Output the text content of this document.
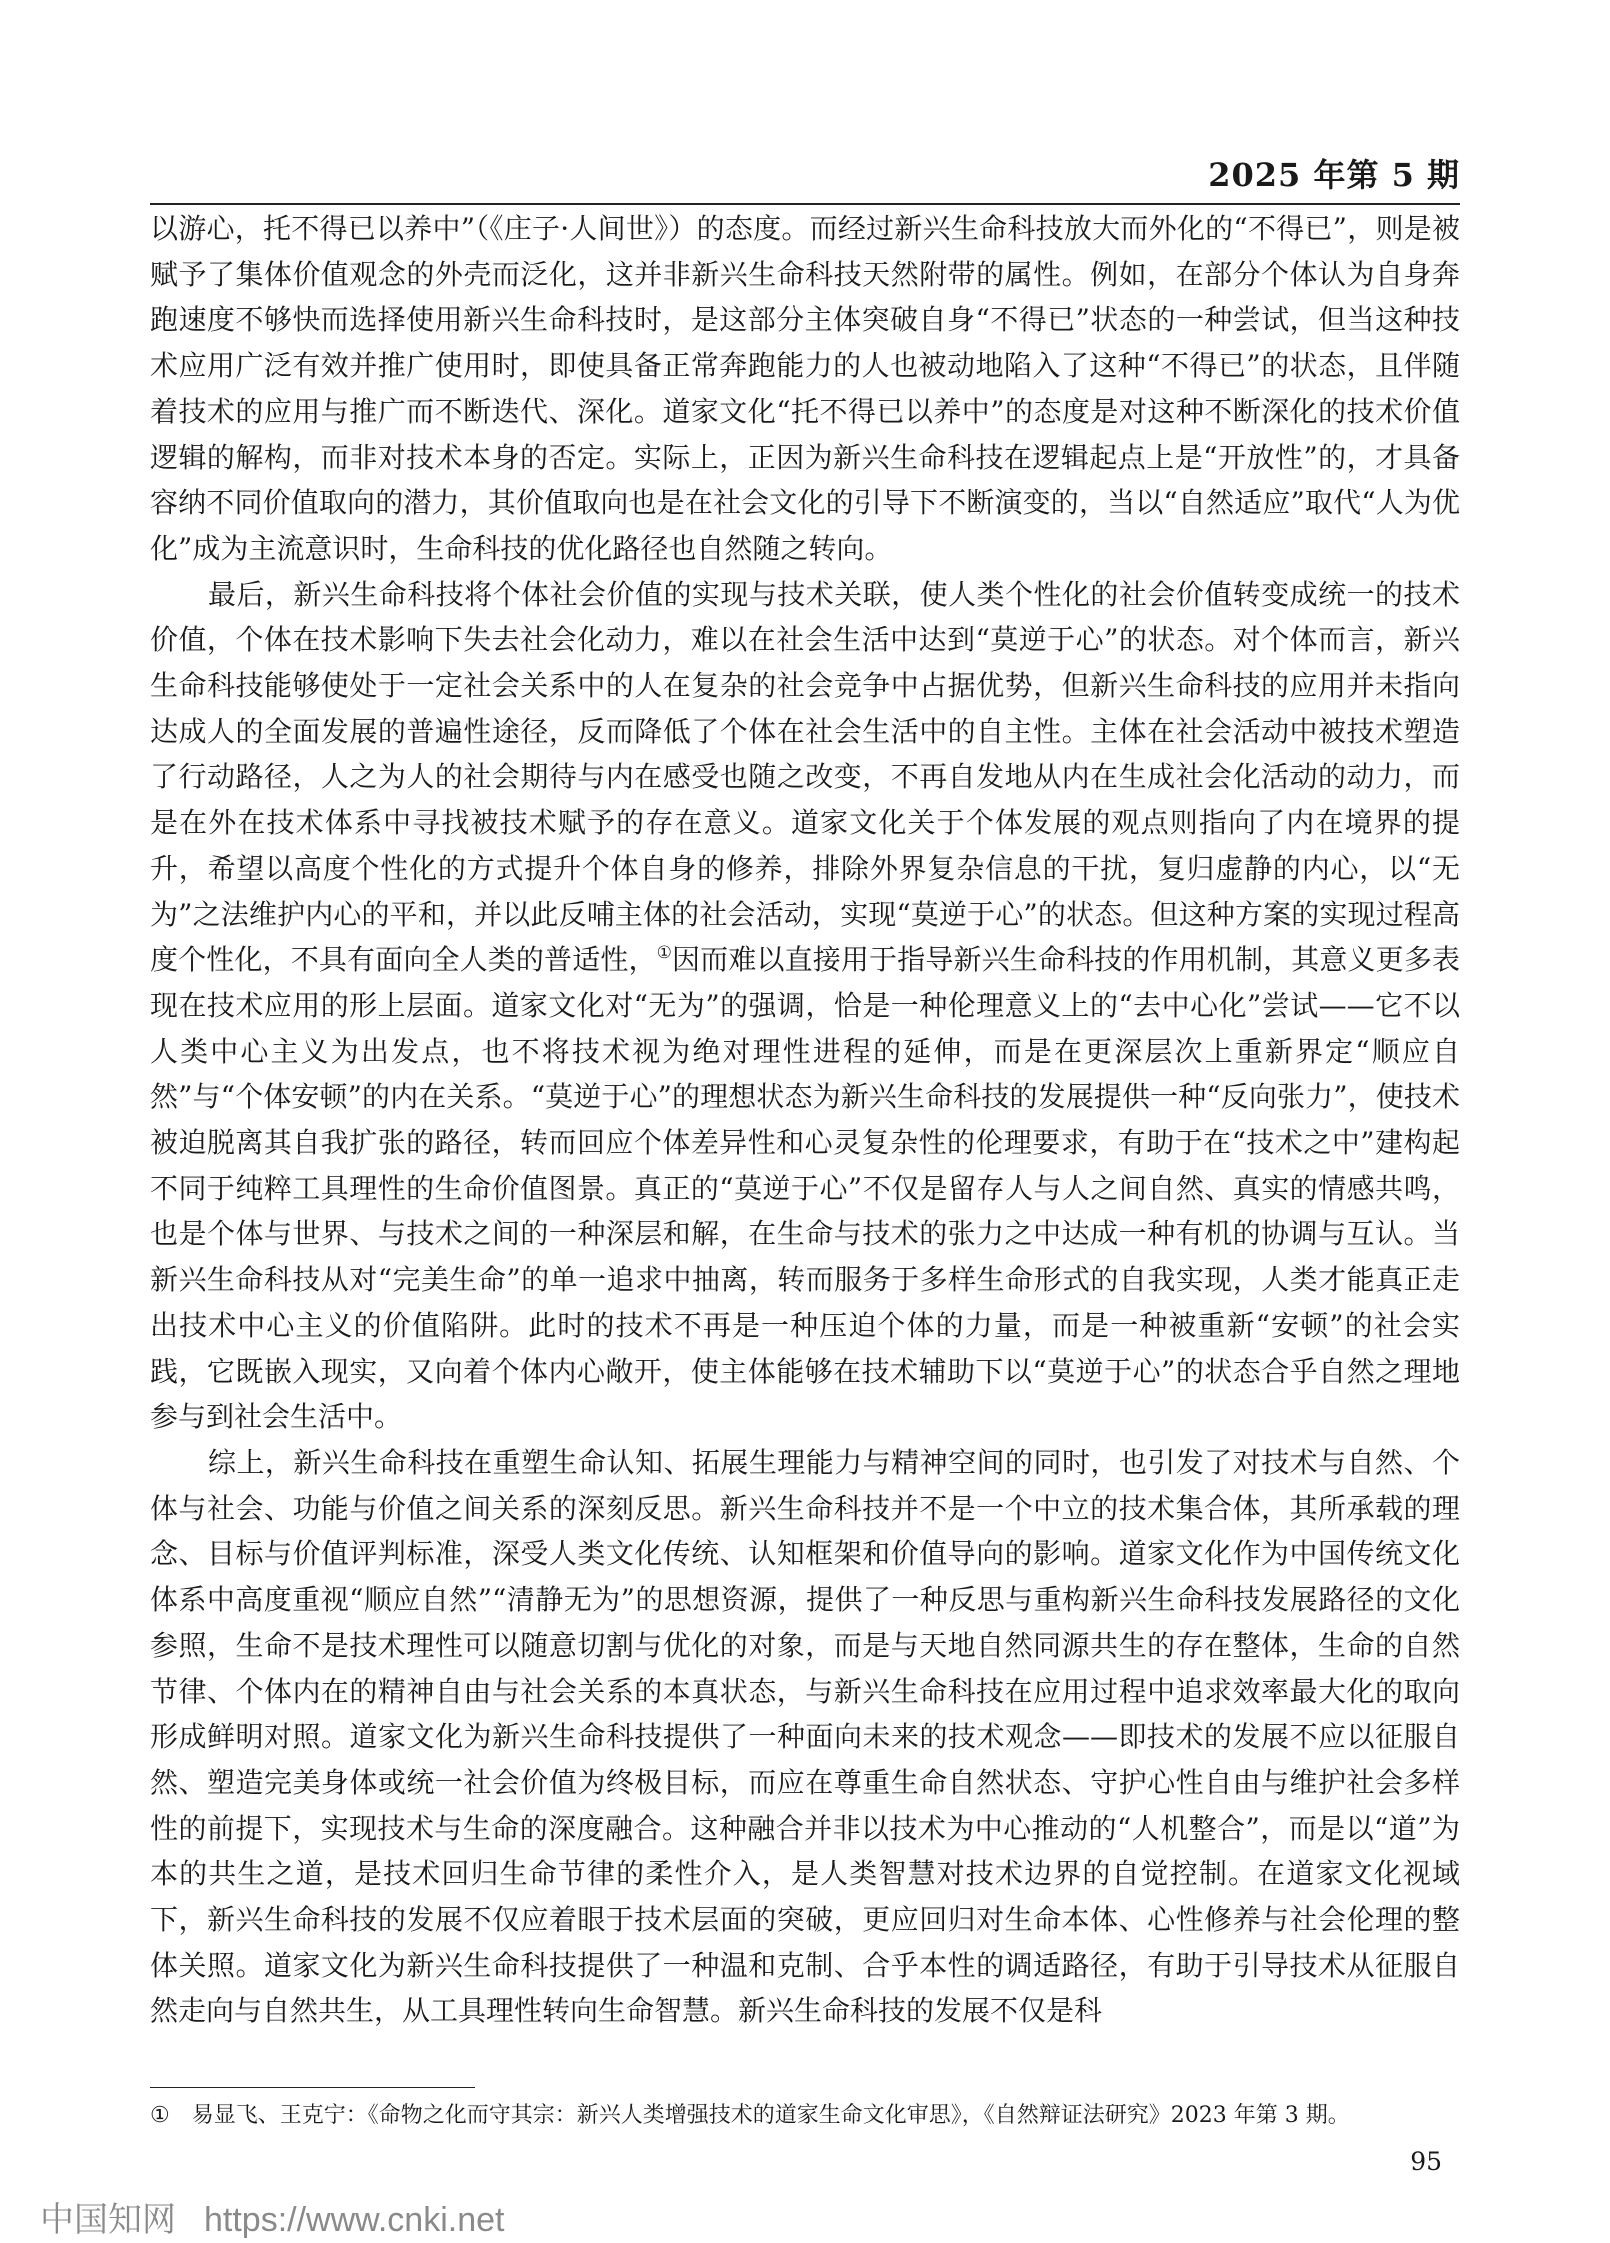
2025 年第 5 期

以游心，托不得已以养中”（《庄子·人间世》）的态度。而经过新兴生命科技放大而外化的“不得已”，则是被赋予了集体价值观念的外壳而泛化，这并非新兴生命科技天然附带的属性。例如，在部分个体认为自身奔跑速度不够快而选择使用新兴生命科技时，是这部分主体突破自身“不得已”状态的一种尝试，但当这种技术应用广泛有效并推广使用时，即使具备正常奔跑能力的人也被动地陷入了这种“不得已”的状态，且伴随着技术的应用与推广而不断迭代、深化。道家文化“托不得已以养中”的态度是对这种不断深化的技术价值逻辑的解构，而非对技术本身的否定。实际上，正因为新兴生命科技在逻辑起点上是“开放性”的，才具备容纳不同价值取向的潜力，其价值取向也是在社会文化的引导下不断演变的，当以“自然适应”取代“人为优化”成为主流意识时，生命科技的优化路径也自然随之转向。

最后，新兴生命科技将个体社会价值的实现与技术关联，使人类个性化的社会价值转变成统一的技术价值，个体在技术影响下失去社会化动力，难以在社会生活中达到“莫逆于心”的状态。对个体而言，新兴生命科技能够使处于一定社会关系中的人在复杂的社会竞争中占据优势，但新兴生命科技的应用并未指向达成人的全面发展的普遍性途径，反而降低了个体在社会生活中的自主性。主体在社会活动中被技术塑造了行动路径，人之为人的社会期待与内在感受也随之改变，不再自发地从内在生成社会化活动的动力，而是在外在技术体系中寻找被技术赋予的存在意义。道家文化关于个体发展的观点则指向了内在境界的提升，希望以高度个性化的方式提升个体自身的修养，排除外界复杂信息的干扰，复归虚静的内心，以“无为”之法维护内心的平和，并以此反哺主体的社会活动，实现“莫逆于心”的状态。但这种方案的实现过程高度个性化，不具有面向全人类的普适性，①因而难以直接用于指导新兴生命科技的作用机制，其意义更多表现在技术应用的形上层面。道家文化对“无为”的强调，恰是一种伦理意义上的“去中心化”尝试——它不以人类中心主义为出发点，也不将技术视为绝对理性进程的延伸，而是在更深层次上重新界定“顺应自然”与“个体安顿”的内在关系。“莫逆于心”的理想状态为新兴生命科技的发展提供一种“反向张力”，使技术被迫脱离其自我扩张的路径，转而回应个体差异性和心灵复杂性的伦理要求，有助于在“技术之中”建构起不同于纯粹工具理性的生命价值图景。真正的“莫逆于心”不仅是留存人与人之间自然、真实的情感共鸣，也是个体与世界、与技术之间的一种深层和解，在生命与技术的张力之中达成一种有机的协调与互认。当新兴生命科技从对“完美生命”的单一追求中抽离，转而服务于多样生命形式的自我实现，人类才能真正走出技术中心主义的价值陷阱。此时的技术不再是一种压迫个体的力量，而是一种被重新“安顿”的社会实践，它既嵌入现实，又向着个体内心敞开，使主体能够在技术辅助下以“莫逆于心”的状态合乎自然之理地参与到社会生活中。

综上，新兴生命科技在重塑生命认知、拓展生理能力与精神空间的同时，也引发了对技术与自然、个体与社会、功能与价值之间关系的深刻反思。新兴生命科技并不是一个中立的技术集合体，其所承载的理念、目标与价值评判标准，深受人类文化传统、认知框架和价值导向的影响。道家文化作为中国传统文化体系中高度重视“顺应自然”“清静无为”的思想资源，提供了一种反思与重构新兴生命科技发展路径的文化参照，生命不是技术理性可以随意切割与优化的对象，而是与天地自然同源共生的存在整体，生命的自然节律、个体内在的精神自由与社会关系的本真状态，与新兴生命科技在应用过程中追求效率最大化的取向形成鲜明对照。道家文化为新兴生命科技提供了一种面向未来的技术观念——即技术的发展不应以征服自然、塑造完美身体或统一社会价值为终极目标，而应在尊重生命自然状态、守护心性自由与维护社会多样性的前提下，实现技术与生命的深度融合。这种融合并非以技术为中心推动的“人机整合”，而是以“道”为本的共生之道，是技术回归生命节律的柔性介入，是人类智慧对技术边界的自觉控制。在道家文化视域下，新兴生命科技的发展不仅应着眼于技术层面的突破，更应回归对生命本体、心性修养与社会伦理的整体关照。道家文化为新兴生命科技提供了一种温和克制、合乎本性的调适路径，有助于引导技术从征服自然走向与自然共生，从工具理性转向生命智慧。新兴生命科技的发展不仅是科

① 易显飞、王克宁：《命物之化而守其宗：新兴人类增强技术的道家生命文化审思》，《自然辩证法研究》2023 年第 3 期。
95
中国知网 https://www.cnki.net
